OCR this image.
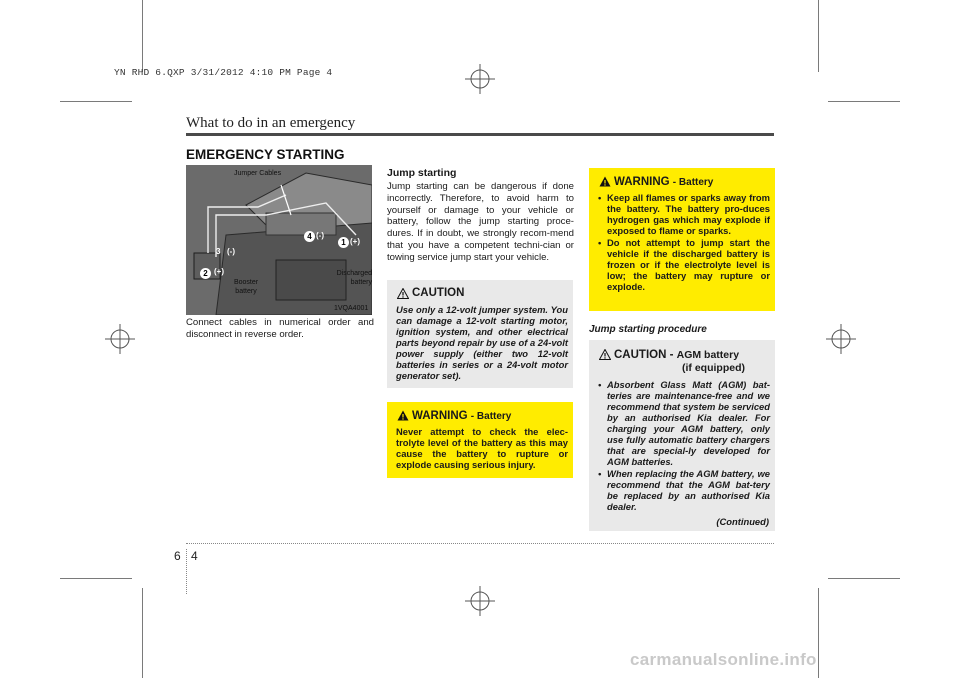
YN RHD 6.QXP 3/31/2012 4:10 PM Page 4
What to do in an emergency
EMERGENCY STARTING
Jumper Cables
Booster battery
Discharged battery
3 (-)
2 (+)
4 (-)
1 (+)
1VQA4001
Connect cables in numerical order and disconnect in reverse order.
Jump starting
Jump starting can be dangerous if done incorrectly. Therefore, to avoid harm to yourself or damage to your vehicle or battery, follow the jump starting proce-dures. If in doubt, we strongly recom-mend that you have a competent techni-cian or towing service jump start your vehicle.
CAUTION
Use only a 12-volt jumper system. You can damage a 12-volt starting motor, ignition system, and other electrical parts beyond repair by use of a 24-volt power supply (either two 12-volt batteries in series or a 24-volt motor generator set).
WARNING - Battery
Never attempt to check the elec-trolyte level of the battery as this may cause the battery to rupture or explode causing serious injury.
WARNING - Battery
• Keep all flames or sparks away from the battery. The battery pro-duces hydrogen gas which may explode if exposed to flame or sparks.
• Do not attempt to jump start the vehicle if the discharged battery is frozen or if the electrolyte level is low; the battery may rupture or explode.
Jump starting procedure
CAUTION - AGM battery
(if equipped)
• Absorbent Glass Matt (AGM) bat-teries are maintenance-free and we recommend that system be serviced by an authorised Kia dealer. For charging your AGM battery, only use fully automatic battery chargers that are special-ly developed for AGM batteries.
• When replacing the AGM battery, we recommend that the AGM bat-tery be replaced by an authorised Kia dealer.
(Continued)
6 4
carmanualsonline.info
